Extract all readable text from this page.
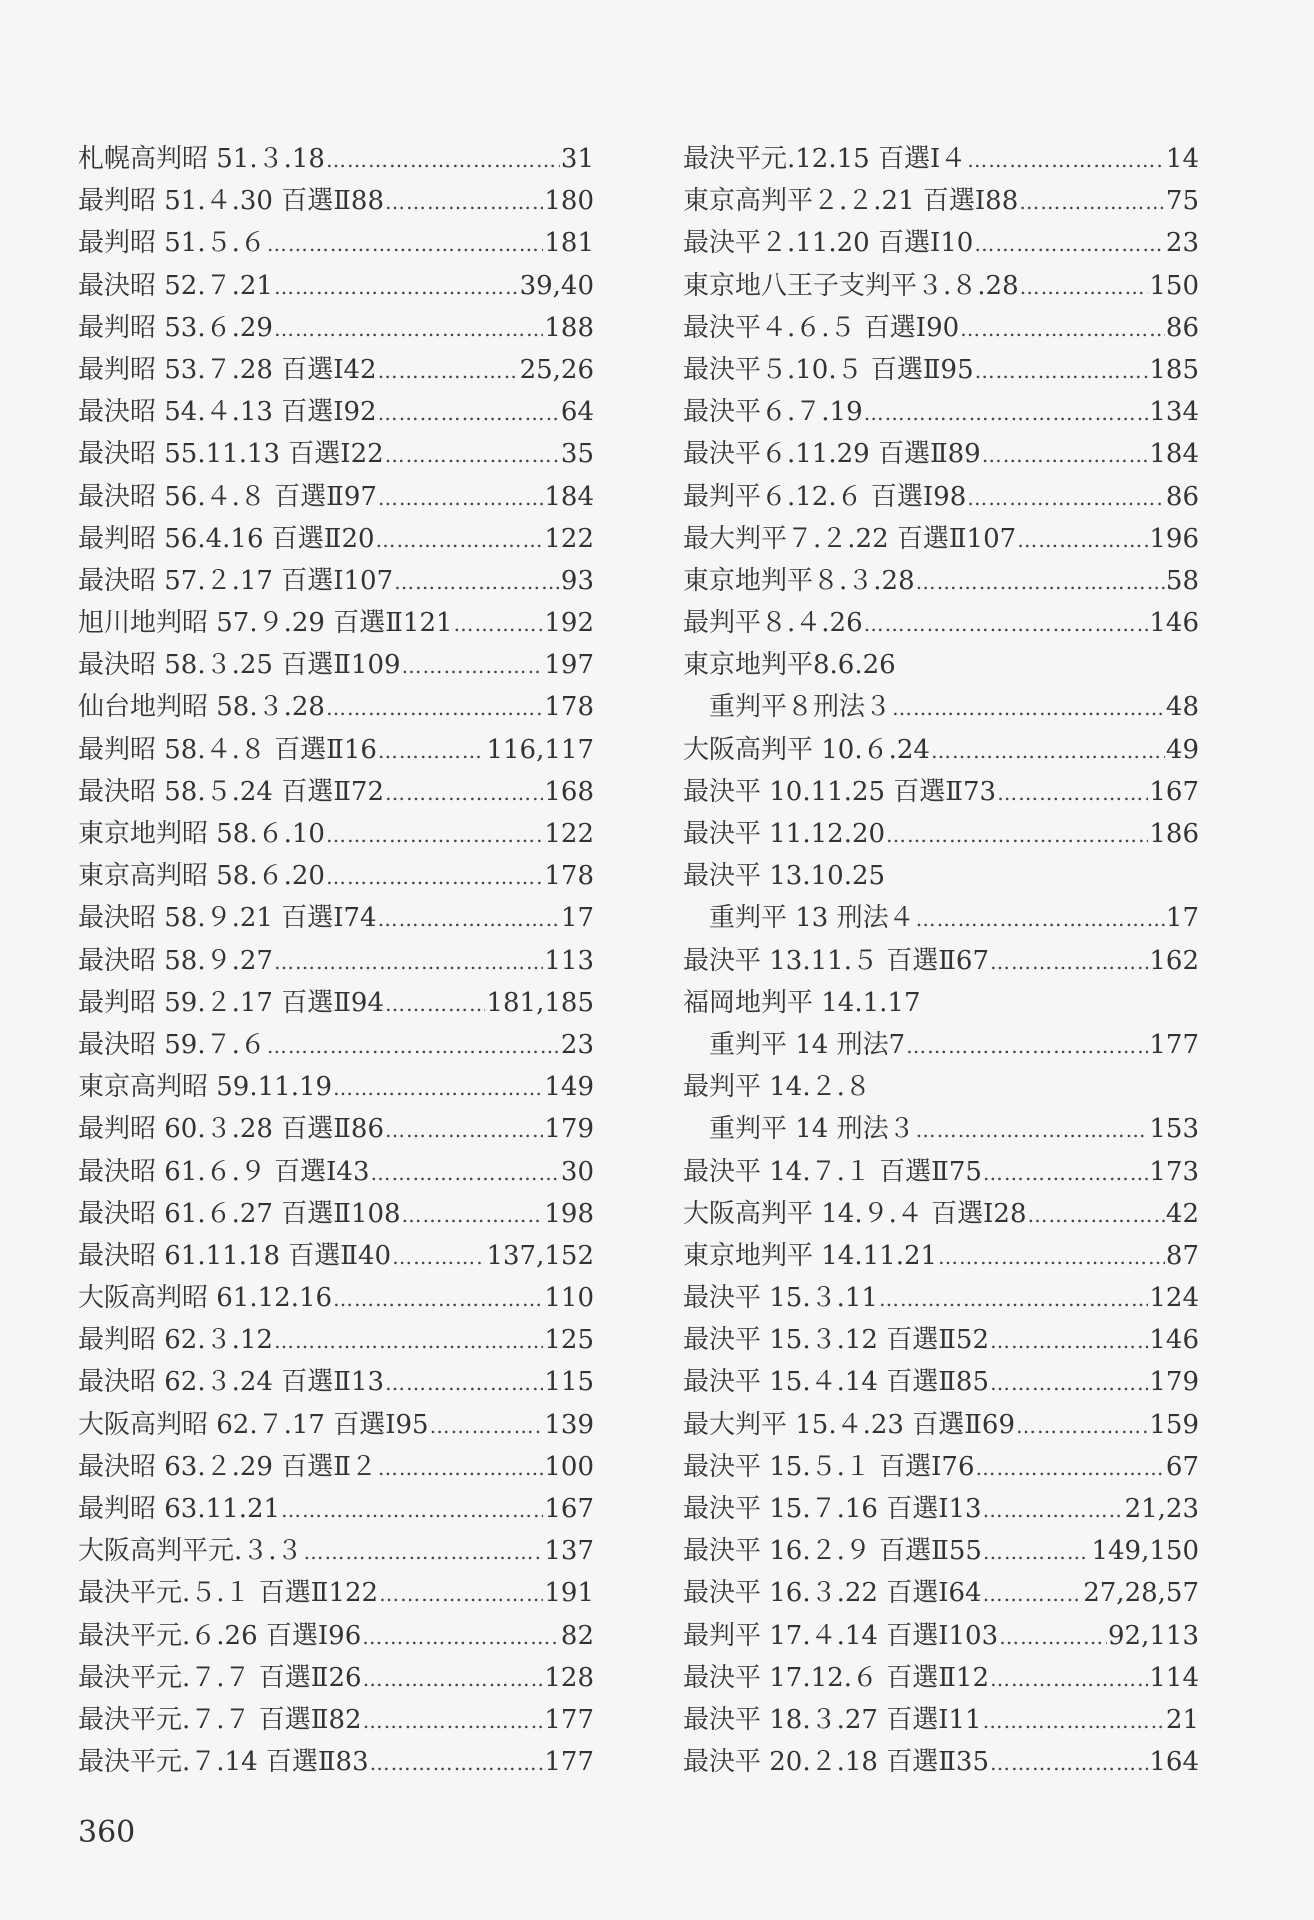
札幌高判昭 51.３.18 ……………………………………………………………………………………………………………………	31
最判昭 51.４.30 百選Ⅱ88 ……………………………………………………………………………………………………………………	180
最判昭 51.５.６ ……………………………………………………………………………………………………………………	181
最決昭 52.７.21 ……………………………………………………………………………………………………………………	39,40
最判昭 53.６.29 ……………………………………………………………………………………………………………………	188
最判昭 53.７.28 百選Ⅰ42 ……………………………………………………………………………………………………………………	25,26
最決昭 54.４.13 百選Ⅰ92 ……………………………………………………………………………………………………………………	64
最決昭 55.11.13 百選Ⅰ22 ……………………………………………………………………………………………………………………	35
最決昭 56.４.８ 百選Ⅱ97 ……………………………………………………………………………………………………………………	184
最判昭 56.4.16 百選Ⅱ20 ……………………………………………………………………………………………………………………	122
最決昭 57.２.17 百選Ⅰ107 ……………………………………………………………………………………………………………………	93
旭川地判昭 57.９.29 百選Ⅱ121 ……………………………………………………………………………………………………………………	192
最決昭 58.３.25 百選Ⅱ109 ……………………………………………………………………………………………………………………	197
仙台地判昭 58.３.28 ……………………………………………………………………………………………………………………	178
最判昭 58.４.８ 百選Ⅱ16 ……………………………………………………………………………………………………………………	116,117
最決昭 58.５.24 百選Ⅱ72 ……………………………………………………………………………………………………………………	168
東京地判昭 58.６.10 ……………………………………………………………………………………………………………………	122
東京高判昭 58.６.20 ……………………………………………………………………………………………………………………	178
最決昭 58.９.21 百選Ⅰ74 ……………………………………………………………………………………………………………………	17
最決昭 58.９.27 ……………………………………………………………………………………………………………………	113
最判昭 59.２.17 百選Ⅱ94 ……………………………………………………………………………………………………………………	181,185
最決昭 59.７.６ ……………………………………………………………………………………………………………………	23
東京高判昭 59.11.19 ……………………………………………………………………………………………………………………	149
最判昭 60.３.28 百選Ⅱ86 ……………………………………………………………………………………………………………………	179
最決昭 61.６.９ 百選Ⅰ43 ……………………………………………………………………………………………………………………	30
最決昭 61.６.27 百選Ⅱ108 ……………………………………………………………………………………………………………………	198
最決昭 61.11.18 百選Ⅱ40 ……………………………………………………………………………………………………………………	137,152
大阪高判昭 61.12.16 ……………………………………………………………………………………………………………………	110
最判昭 62.３.12 ……………………………………………………………………………………………………………………	125
最決昭 62.３.24 百選Ⅱ13 ……………………………………………………………………………………………………………………	115
大阪高判昭 62.７.17 百選Ⅰ95 ……………………………………………………………………………………………………………………	139
最決昭 63.２.29 百選Ⅱ２ ……………………………………………………………………………………………………………………	100
最判昭 63.11.21 ……………………………………………………………………………………………………………………	167
大阪高判平元.３.３ ……………………………………………………………………………………………………………………	137
最決平元.５.１ 百選Ⅱ122 ……………………………………………………………………………………………………………………	191
最決平元.６.26 百選Ⅰ96 ……………………………………………………………………………………………………………………	82
最決平元.７.７ 百選Ⅱ26 ……………………………………………………………………………………………………………………	128
最決平元.７.７ 百選Ⅱ82 ……………………………………………………………………………………………………………………	177
最決平元.７.14 百選Ⅱ83 ……………………………………………………………………………………………………………………	177
最決平元.12.15 百選Ⅰ４ ……………………………………………………………………………………………………………………	14
東京高判平２.２.21 百選Ⅰ88 ……………………………………………………………………………………………………………………	75
最決平２.11.20 百選Ⅰ10 ……………………………………………………………………………………………………………………	23
東京地八王子支判平３.８.28 ……………………………………………………………………………………………………………………	150
最決平４.６.５ 百選Ⅰ90 ……………………………………………………………………………………………………………………	86
最決平５.10.５ 百選Ⅱ95 ……………………………………………………………………………………………………………………	185
最決平６.７.19 ……………………………………………………………………………………………………………………	134
最決平６.11.29 百選Ⅱ89 ……………………………………………………………………………………………………………………	184
最判平６.12.６ 百選Ⅰ98 ……………………………………………………………………………………………………………………	86
最大判平７.２.22 百選Ⅱ107 ……………………………………………………………………………………………………………………	196
東京地判平８.３.28 ……………………………………………………………………………………………………………………	58
最判平８.４.26 ……………………………………………………………………………………………………………………	146
東京地判平8.6.26
重判平８刑法３ ……………………………………………………………………………………………………………………	48
大阪高判平 10.６.24 ……………………………………………………………………………………………………………………	49
最決平 10.11.25 百選Ⅱ73 ……………………………………………………………………………………………………………………	167
最決平 11.12.20 ……………………………………………………………………………………………………………………	186
最決平 13.10.25
重判平 13 刑法４ ……………………………………………………………………………………………………………………	17
最決平 13.11.５ 百選Ⅱ67 ……………………………………………………………………………………………………………………	162
福岡地判平 14.1.17
重判平 14 刑法7 ……………………………………………………………………………………………………………………	177
最判平 14.２.８
重判平 14 刑法３ ……………………………………………………………………………………………………………………	153
最決平 14.７.１ 百選Ⅱ75 ……………………………………………………………………………………………………………………	173
大阪高判平 14.９.４ 百選Ⅰ28 ……………………………………………………………………………………………………………………	42
東京地判平 14.11.21 ……………………………………………………………………………………………………………………	87
最決平 15.３.11 ……………………………………………………………………………………………………………………	124
最決平 15.３.12 百選Ⅱ52 ……………………………………………………………………………………………………………………	146
最決平 15.４.14 百選Ⅱ85 ……………………………………………………………………………………………………………………	179
最大判平 15.４.23 百選Ⅱ69 ……………………………………………………………………………………………………………………	159
最決平 15.５.１ 百選Ⅰ76 ……………………………………………………………………………………………………………………	67
最決平 15.７.16 百選Ⅰ13 ……………………………………………………………………………………………………………………	21,23
最決平 16.２.９ 百選Ⅱ55 ……………………………………………………………………………………………………………………	149,150
最決平 16.３.22 百選Ⅰ64 ……………………………………………………………………………………………………………………	27,28,57
最判平 17.４.14 百選Ⅰ103 ……………………………………………………………………………………………………………………	92,113
最決平 17.12.６ 百選Ⅱ12 ……………………………………………………………………………………………………………………	114
最決平 18.３.27 百選Ⅰ11 ……………………………………………………………………………………………………………………	21
最決平 20.２.18 百選Ⅱ35 ……………………………………………………………………………………………………………………	164
360
